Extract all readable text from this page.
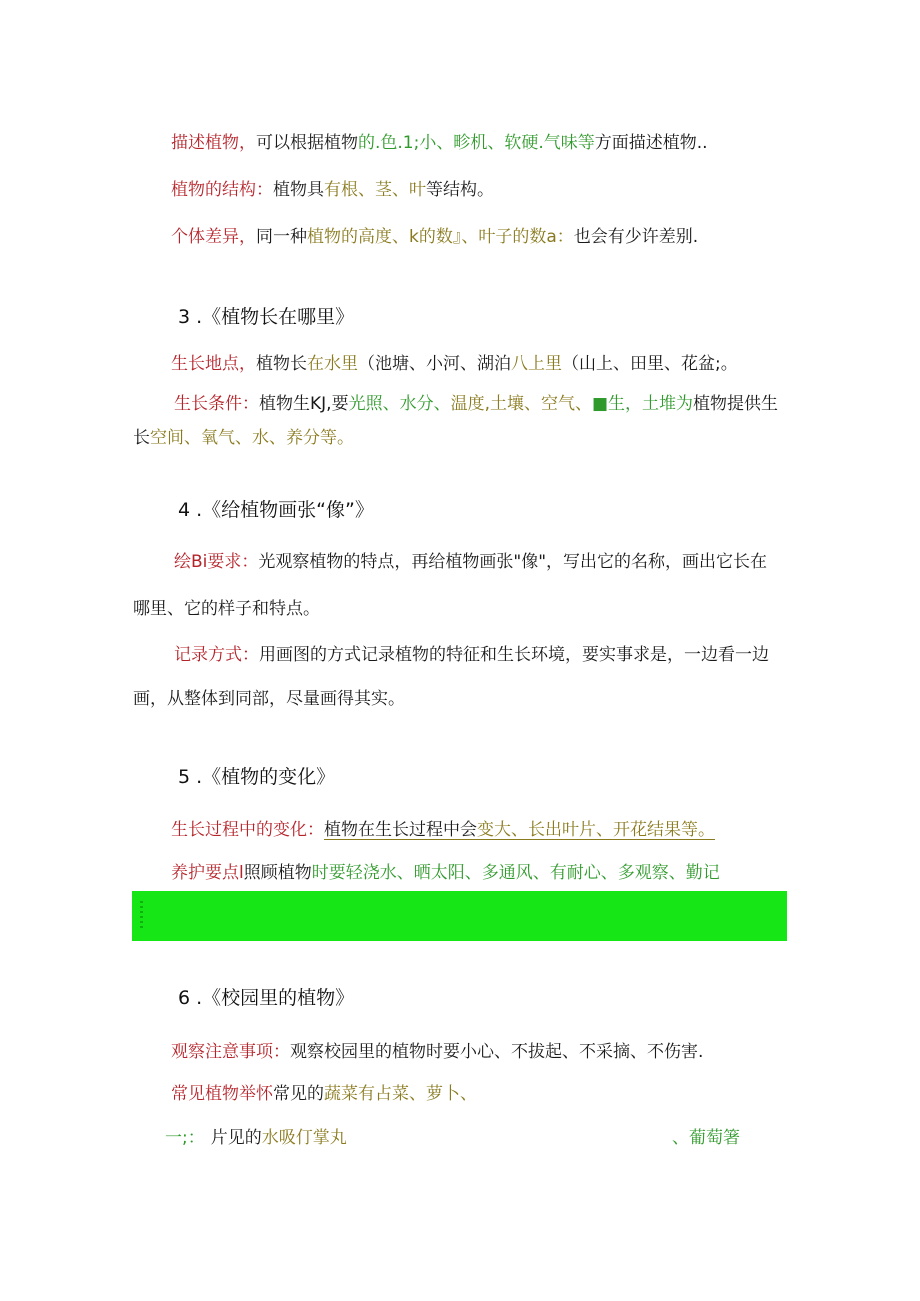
描述植物，可以根据植物的.色.1;小、畛机、软硬.气味等方面描述植物..
植物的结构：植物具有根、茎、叶等结构。
个体差异，同一种植物的高度、k的数』、叶子的数a：也会有少许差别.
3 .《植物长在哪里》
生长地点，植物长在水里（池塘、小河、湖泊八上里（山上、田里、花盆;。
生长条件：植物生KJ,要光照、水分、温度,土壤、空气、■生，土堆为植物提供生
长空间、氧气、水、养分等。
4 .《给植物画张“像”》
绘Bi要求：光观察植物的特点，再给植物画张"像"，写出它的名称，画出它长在
哪里、它的样子和特点。
记录方式：用画图的方式记录植物的特征和生长环境，要实事求是，一边看一边
画，从整体到同部，尽量画得其实。
5 .《植物的变化》
生长过程中的变化：植物在生长过程中会变大、长出叶片、开花结果等。
养护要点l照顾植物时要轻浇水、晒太阳、多通风、有耐心、多观察、勤记
6 .《校园里的植物》
观察注意事项：观察校园里的植物时要小心、不拔起、不采摘、不伤害.
常见植物举怀常见的蔬菜有占菜、萝卜、
一;： 片见的水吸仃掌丸	、葡萄箸
